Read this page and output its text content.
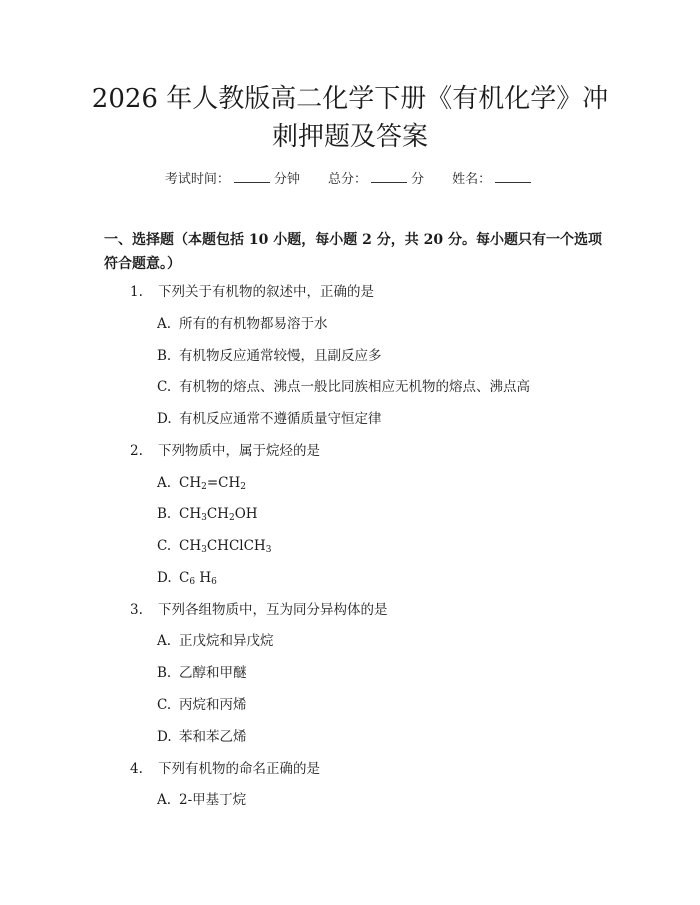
2026 年人教版高二化学下册《有机化学》冲刺押题及答案
考试时间：	分钟 总分：	分 姓名：

一、选择题（本题包括 10 小题，每小题 2 分，共 20 分。每小题只有一个选项符合题意。）

1. 下列关于有机物的叙述中，正确的是
A. 所有的有机物都易溶于水
B. 有机物反应通常较慢，且副反应多
C. 有机物的熔点、沸点一般比同族相应无机物的熔点、沸点高
D. 有机反应通常不遵循质量守恒定律
2. 下列物质中，属于烷烃的是
A. $CH_2=CH_2$
B. $CH_3CH_2OH$
C. $CH_3CHClCH_3$
D. $C_6$ $H_6$
3. 下列各组物质中，互为同分异构体的是
A. 正戊烷和异戊烷
B. 乙醇和甲醚
C. 丙烷和丙烯
D. 苯和苯乙烯
4. 下列有机物的命名正确的是
A. 2-甲基丁烷
